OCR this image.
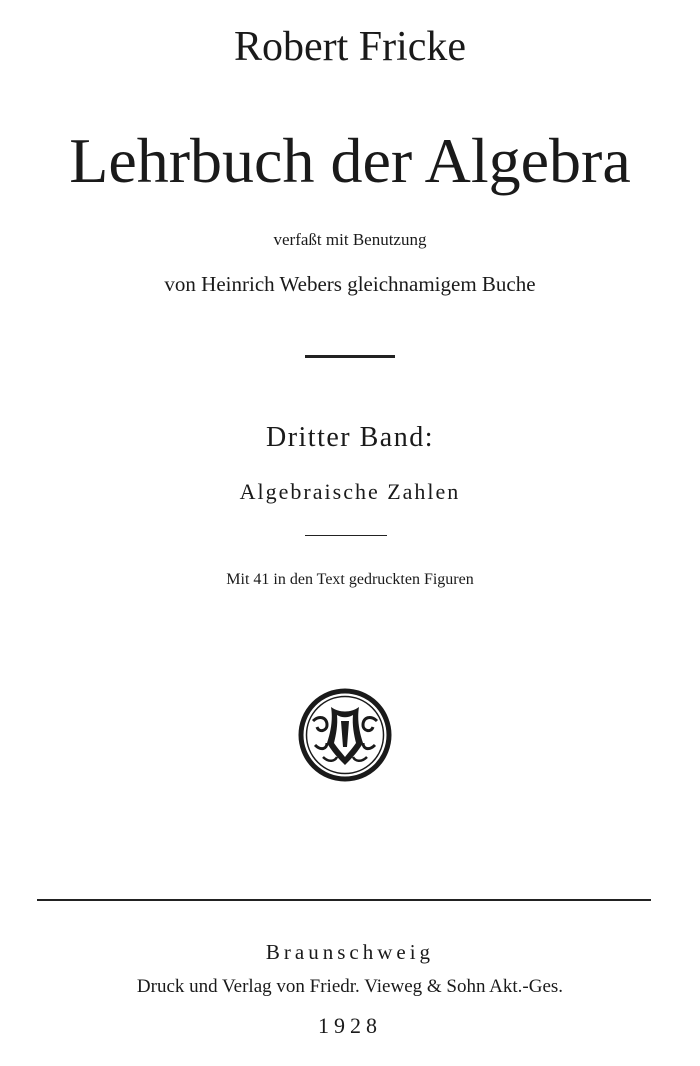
Robert Fricke
Lehrbuch der Algebra
verfaßt mit Benutzung
von Heinrich Webers gleichnamigem Buche
Dritter Band:
Algebraische Zahlen
Mit 41 in den Text gedruckten Figuren
Braunschweig
Druck und Verlag von Friedr. Vieweg & Sohn Akt.-Ges.
1928
